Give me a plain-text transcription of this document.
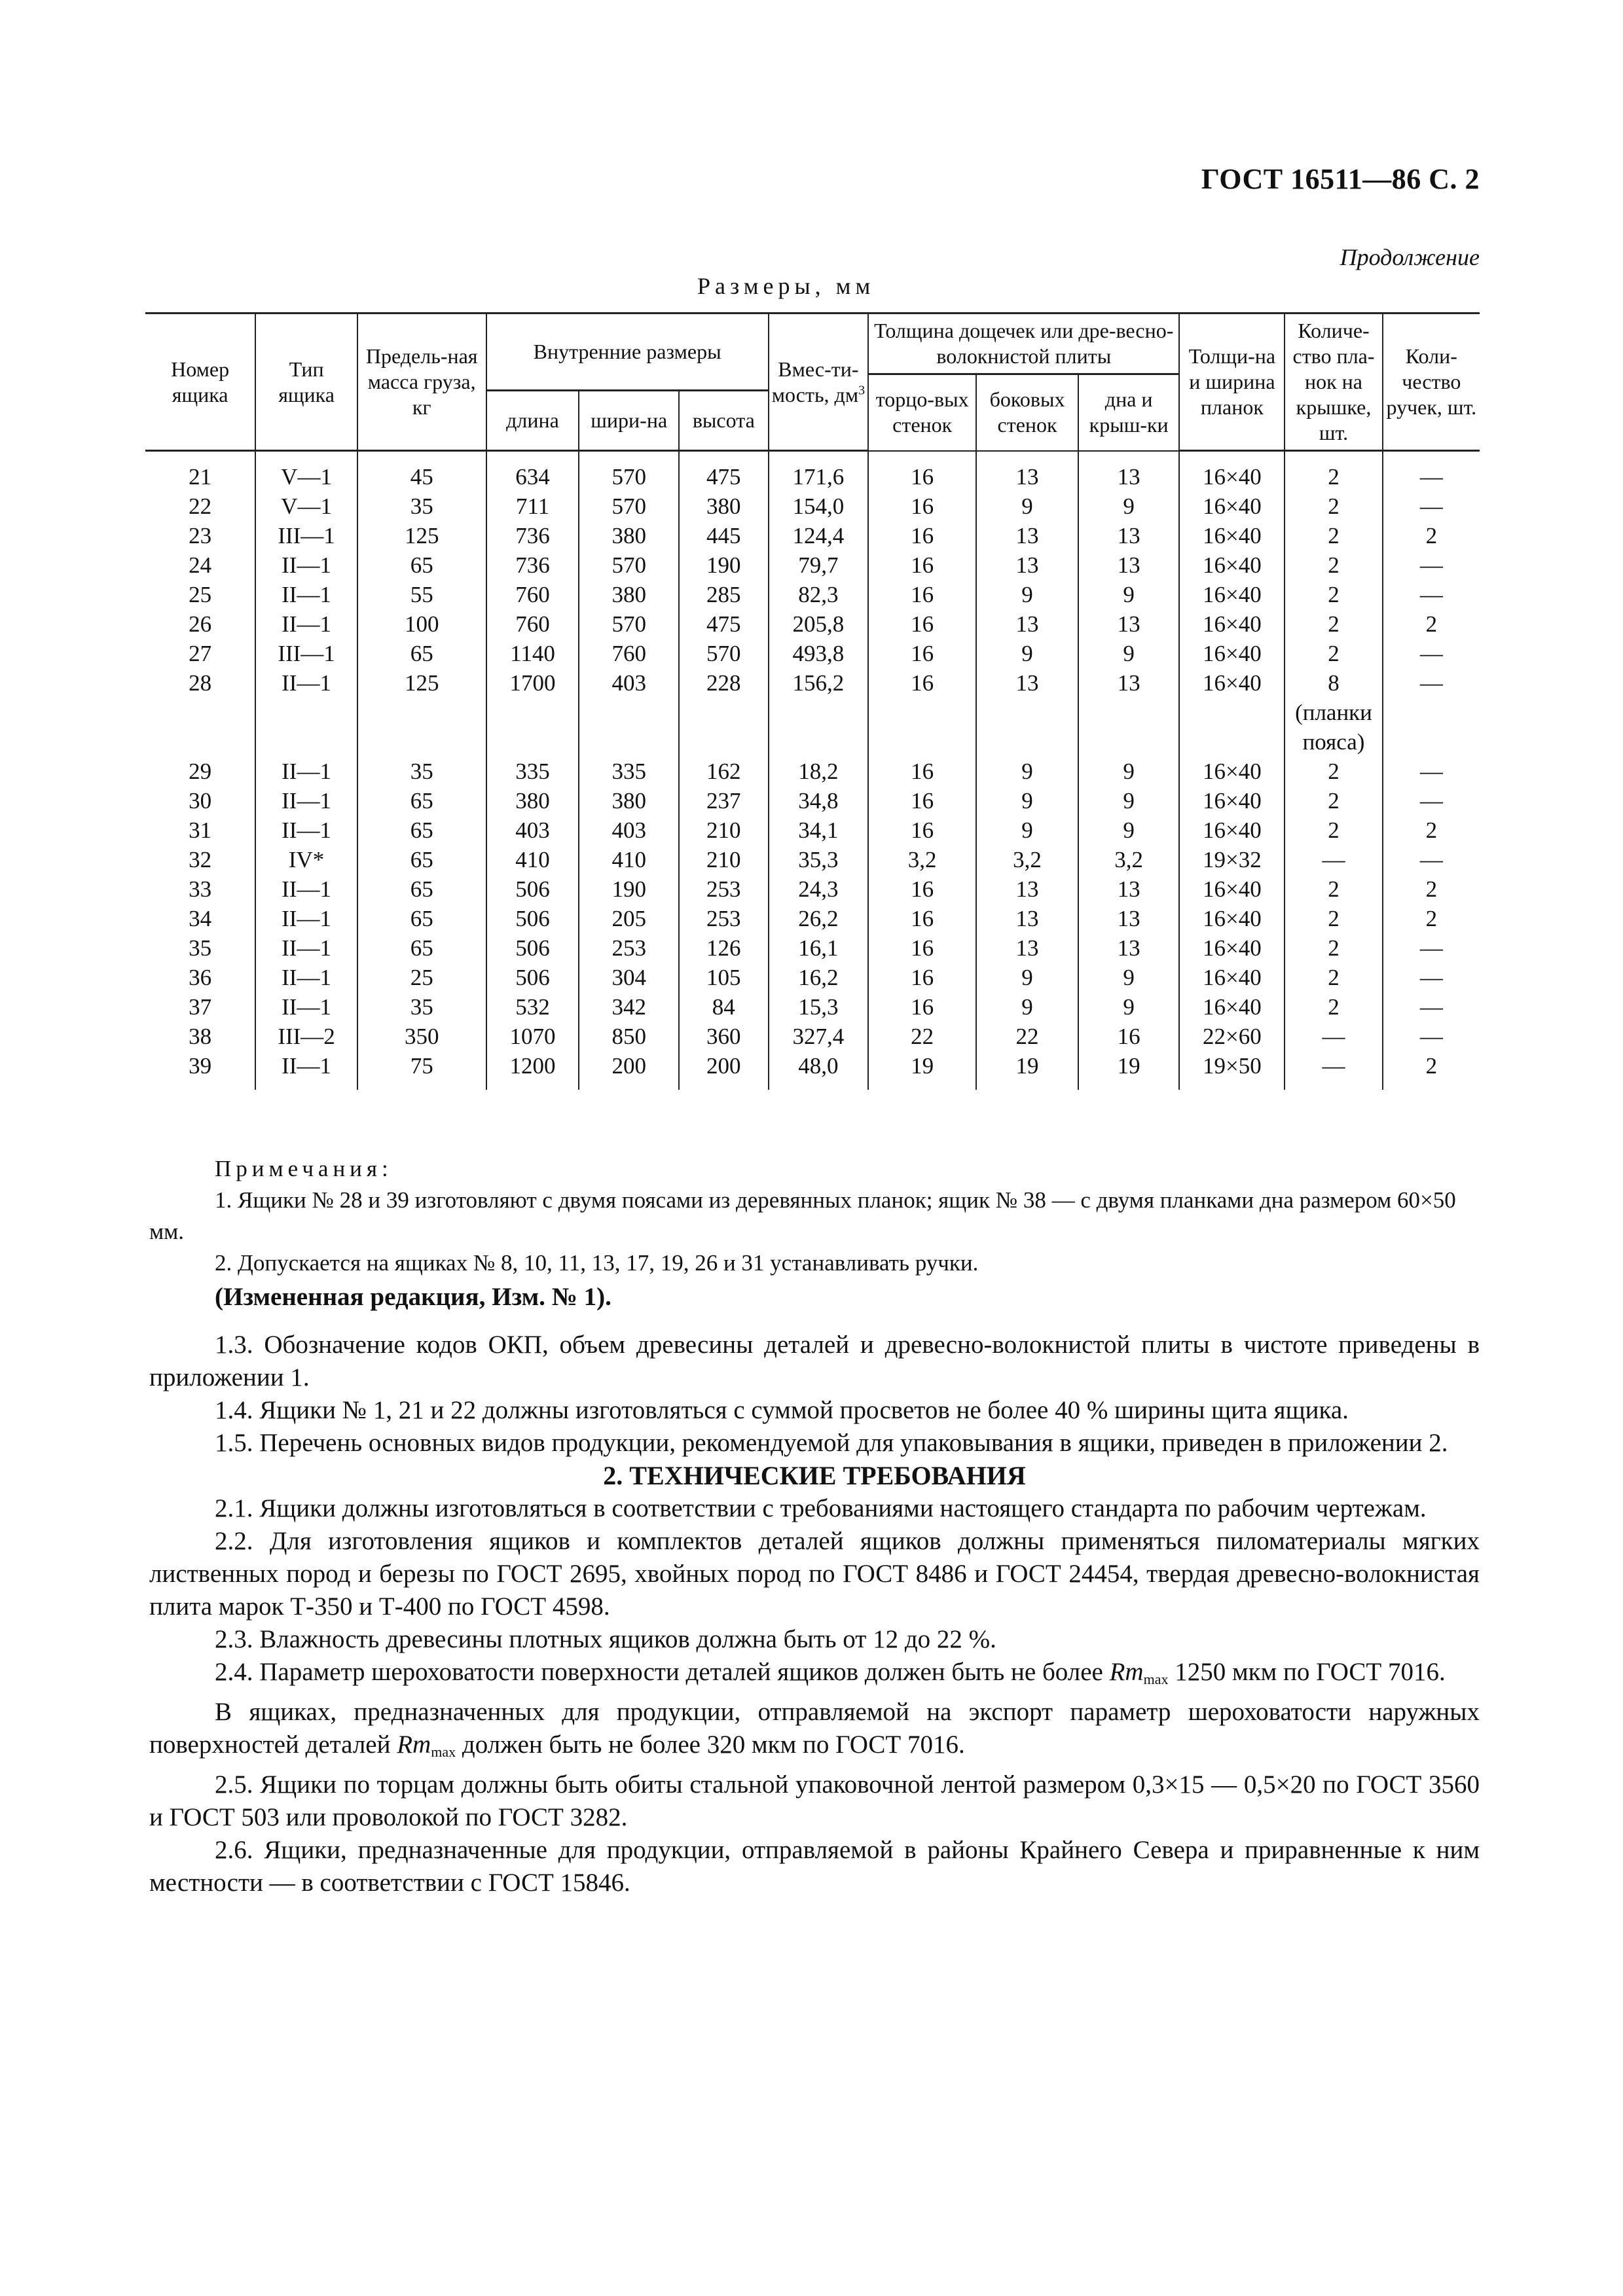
ГОСТ 16511—86 С. 2
Продолжение
Размеры, мм
Номер ящика	Тип ящика	Предель-ная масса груза, кг	Внутренние размеры			Вмес-ти-мость, $дм^3$	Толщина дощечек или дре-весно-волокнистой плиты			Толщи-на и ширина планок	Количе-ство пла-нок на крышке, шт.	Коли-чество ручек, шт.
							торцо-вых стенок	боковых стенок	дна и крыш-ки			
			длина	шири-на	высота							
21	V—1	45	634	570	475	171,6	16	13	13	16×40	2	—
22	V—1	35	711	570	380	154,0	16	9	9	16×40	2	—
23	III—1	125	736	380	445	124,4	16	13	13	16×40	2	2
24	II—1	65	736	570	190	79,7	16	13	13	16×40	2	—
25	II—1	55	760	380	285	82,3	16	9	9	16×40	2	—
26	II—1	100	760	570	475	205,8	16	13	13	16×40	2	2
27	III—1	65	1140	760	570	493,8	16	9	9	16×40	2	—
28	II—1	125	1700	403	228	156,2	16	13	13	16×40	8	—
											(планки	
											пояса)	
29	II—1	35	335	335	162	18,2	16	9	9	16×40	2	—
30	II—1	65	380	380	237	34,8	16	9	9	16×40	2	—
31	II—1	65	403	403	210	34,1	16	9	9	16×40	2	2
32	IV*	65	410	410	210	35,3	3,2	3,2	3,2	19×32	—	—
33	II—1	65	506	190	253	24,3	16	13	13	16×40	2	2
34	II—1	65	506	205	253	26,2	16	13	13	16×40	2	2
35	II—1	65	506	253	126	16,1	16	13	13	16×40	2	—
36	II—1	25	506	304	105	16,2	16	9	9	16×40	2	—
37	II—1	35	532	342	84	15,3	16	9	9	16×40	2	—
38	III—2	350	1070	850	360	327,4	22	22	16	22×60	—	—
39	II—1	75	1200	200	200	48,0	19	19	19	19×50	—	2
Примечания:

1. Ящики № 28 и 39 изготовляют с двумя поясами из деревянных планок; ящик № 38 — с двумя планками дна размером 60×50 мм.

2. Допускается на ящиках № 8, 10, 11, 13, 17, 19, 26 и 31 устанавливать ручки.

(Измененная редакция, Изм. № 1).

1.3. Обозначение кодов ОКП, объем древесины деталей и древесно-волокнистой плиты в чистоте приведены в приложении 1.

1.4. Ящики № 1, 21 и 22 должны изготовляться с суммой просветов не более 40 % ширины щита ящика.

1.5. Перечень основных видов продукции, рекомендуемой для упаковывания в ящики, приведен в приложении 2.

2. ТЕХНИЧЕСКИЕ ТРЕБОВАНИЯ

2.1. Ящики должны изготовляться в соответствии с требованиями настоящего стандарта по рабочим чертежам.

2.2. Для изготовления ящиков и комплектов деталей ящиков должны применяться пиломатериалы мягких лиственных пород и березы по ГОСТ 2695, хвойных пород по ГОСТ 8486 и ГОСТ 24454, твердая древесно-волокнистая плита марок Т-350 и Т-400 по ГОСТ 4598.

2.3. Влажность древесины плотных ящиков должна быть от 12 до 22 %.

2.4. Параметр шероховатости поверхности деталей ящиков должен быть не более $Rm_{max}$ 1250 мкм по ГОСТ 7016.

В ящиках, предназначенных для продукции, отправляемой на экспорт параметр шероховатости наружных поверхностей деталей $Rm_{max}$ должен быть не более 320 мкм по ГОСТ 7016.

2.5. Ящики по торцам должны быть обиты стальной упаковочной лентой размером 0,3×15 — 0,5×20 по ГОСТ 3560 и ГОСТ 503 или проволокой по ГОСТ 3282.

2.6. Ящики, предназначенные для продукции, отправляемой в районы Крайнего Севера и приравненные к ним местности — в соответствии с ГОСТ 15846.
